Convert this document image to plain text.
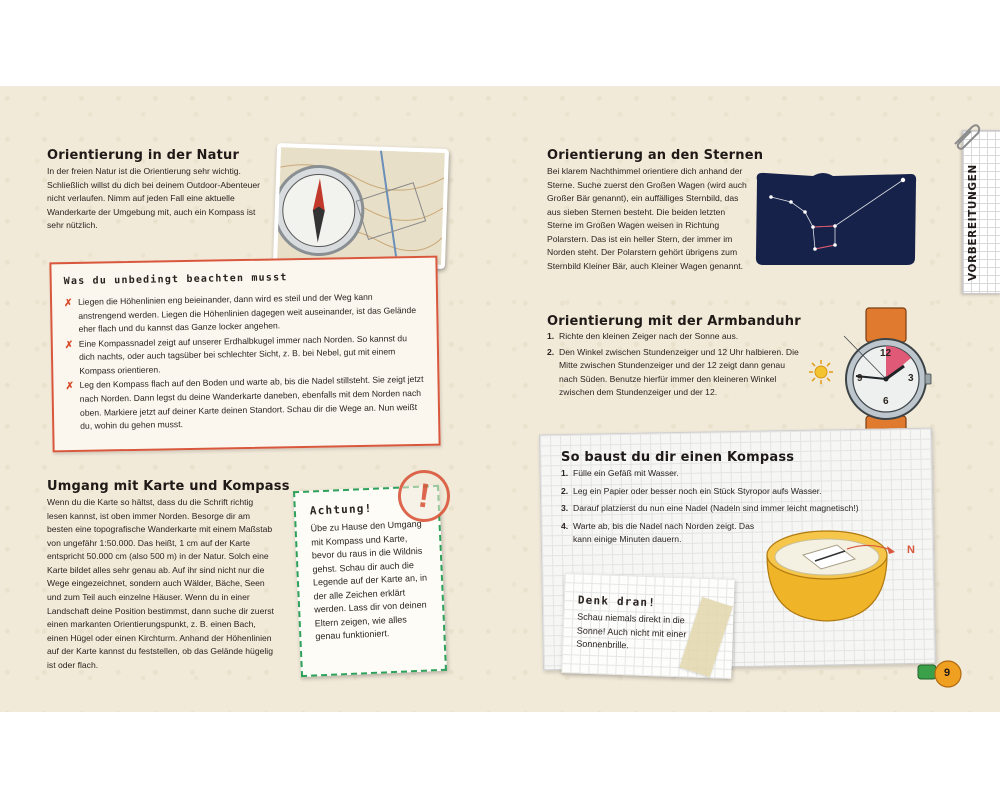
Orientierung in der Natur

In der freien Natur ist die Orientierung sehr wichtig. Schließlich willst du dich bei deinem Outdoor-Abenteuer nicht verlaufen. Nimm auf jeden Fall eine aktuelle Wanderkarte der Umgebung mit, auch ein Kompass ist sehr nützlich.

Was du unbedingt beachten musst
✗ Liegen die Höhenlinien eng beieinander, dann wird es steil und der Weg kann anstrengend werden. Liegen die Höhenlinien dagegen weit auseinander, ist das Gelände eher flach und du kannst das Ganze locker angehen.
✗ Eine Kompassnadel zeigt auf unserer Erdhalbkugel immer nach Norden. So kannst du dich nachts, oder auch tagsüber bei schlechter Sicht, z. B. bei Nebel, gut mit einem Kompass orientieren.
✗ Leg den Kompass flach auf den Boden und warte ab, bis die Nadel stillsteht. Sie zeigt jetzt nach Norden. Dann legst du deine Wanderkarte daneben, ebenfalls mit dem Norden nach oben. Markiere jetzt auf deiner Karte deinen Standort. Schau dir die Wege an. Nun weißt du, wohin du gehen musst.
Umgang mit Karte und Kompass

Wenn du die Karte so hältst, dass du die Schrift richtig lesen kannst, ist oben immer Norden. Besorge dir am besten eine topografische Wanderkarte mit einem Maßstab von ungefähr 1:50.000. Das heißt, 1 cm auf der Karte entspricht 50.000 cm (also 500 m) in der Natur. Solch eine Karte bildet alles sehr genau ab. Auf ihr sind nicht nur die Wege eingezeichnet, sondern auch Wälder, Bäche, Seen und zum Teil auch einzelne Häuser. Wenn du in einer Landschaft deine Position bestimmst, dann suche dir zuerst einen markanten Orientierungspunkt, z. B. einen Bach, einen Hügel oder einen Kirchturm. Anhand der Höhenlinien auf der Karte kannst du feststellen, ob das Gelände hügelig ist oder flach.

Achtung!
Übe zu Hause den Umgang mit Kompass und Karte, bevor du raus in die Wildnis gehst. Schau dir auch die Legende auf der Karte an, in der alle Zeichen erklärt werden. Lass dir von deinen Eltern zeigen, wie alles genau funktioniert.
!
Orientierung an den Sternen

Bei klarem Nachthimmel orientiere dich anhand der Sterne. Suche zuerst den Großen Wagen (wird auch Großer Bär genannt), ein auffälliges Sternbild, das aus sieben Sternen besteht. Die beiden letzten Sterne im Großen Wagen weisen in Richtung Polarstern. Das ist ein heller Stern, der immer im Norden steht. Der Polarstern gehört übrigens zum Sternbild Kleiner Bär, auch Kleiner Wagen genannt.	VORBEREITUNGEN
Orientierung mit der Armbanduhr
1. Richte den kleinen Zeiger nach der Sonne aus.
2. Den Winkel zwischen Stundenzeiger und 12 Uhr halbieren. Die Mitte zwischen Stundenzeiger und der 12 zeigt dann genau nach Süden. Benutze hierfür immer den kleineren Winkel zwischen dem Stundenzeiger und der 12.
12
3
6
9
So baust du dir einen Kompass
1. Fülle ein Gefäß mit Wasser.
2. Leg ein Papier oder besser noch ein Stück Styropor aufs Wasser.
3. Darauf platzierst du nun eine Nadel (Nadeln sind immer leicht magnetisch!)
4. Warte ab, bis die Nadel nach Norden zeigt. Das kann einige Minuten dauern.
N
Denk dran!
Schau niemals direkt in die Sonne! Auch nicht mit einer Sonnenbrille.
9
